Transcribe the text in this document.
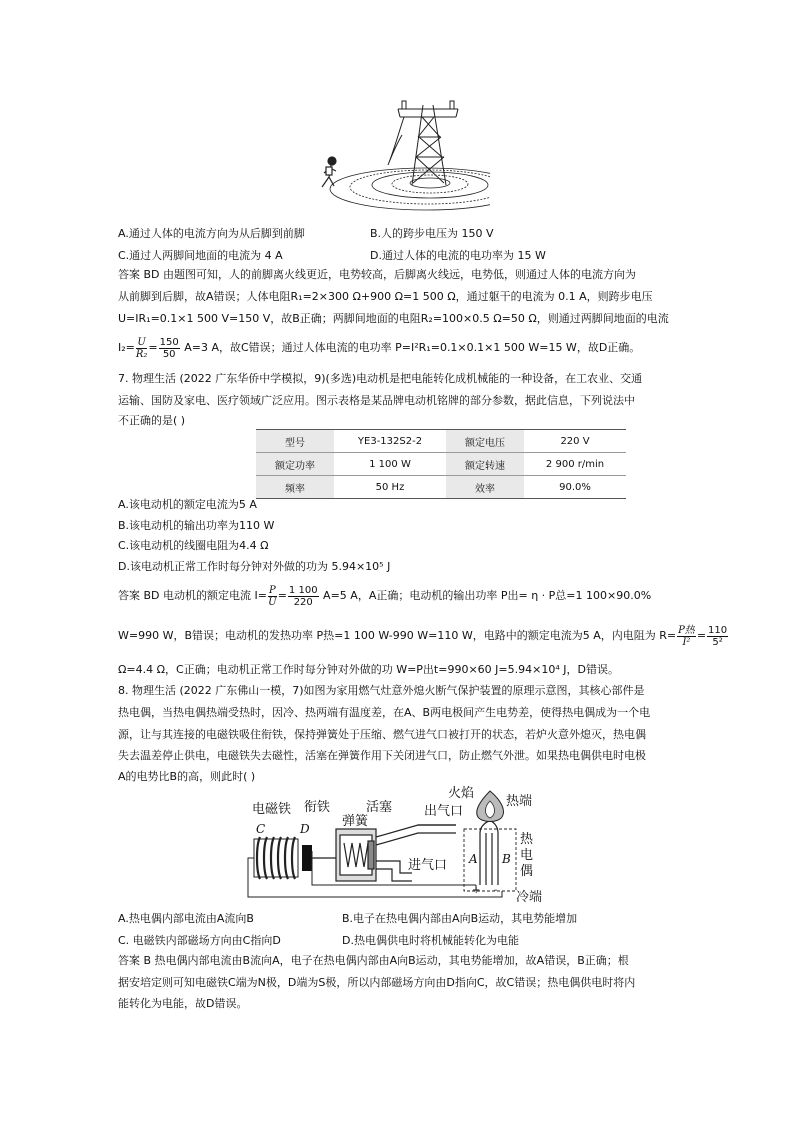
A.通过人体的电流方向为从后脚到前脚	B.人的跨步电压为 150 V
C.通过人两脚间地面的电流为 4 A	D.通过人体的电流的电功率为 15 W
答案 BD 由题图可知，人的前脚离火线更近，电势较高，后脚离火线远，电势低，则通过人体的电流方向为
从前脚到后脚，故A错误；人体电阻R₁=2×300 Ω+900 Ω=1 500 Ω，通过躯干的电流为 0.1 A，则跨步电压
U=IR₁=0.1×1 500 V=150 V，故B正确；两脚间地面的电阻R₂=100×0.5 Ω=50 Ω，则通过两脚间地面的电流
$I_2= \frac{U}{\text{R₂}} = \frac{150}{50} A=3$ A，故C错误；通过人体电流的电功率 P=I²R₁=0.1×0.1×1 500 W=15 W，故D正确。
7. 物理生活 (2022 广东华侨中学模拟，9)(多选)电动机是把电能转化成机械能的一种设备，在工农业、交通
运输、国防及家电、医疗领域广泛应用。图示表格是某品牌电动机铭牌的部分参数，据此信息，下列说法中
不正确的是( )
型号	YE3-132S2-2	额定电压	220 V
额定功率	1 100 W	额定转速	2 900 r/min
频率	50 Hz	效率	90.0%
A.该电动机的额定电流为5 A
B.该电动机的输出功率为110 W
C.该电动机的线圈电阻为4.4 Ω
D.该电动机正常工作时每分钟对外做的功为 5.94×10⁵ J
答案 BD 电动机的额定电流 $I= \frac{P}{U} = \frac{1 100}{220} A=5$ A，A正确；电动机的输出功率 P出= η · P总=1 100×90.0%
W=990 W，B错误；电动机的发热功率 P热=1 100 W-990 W=110 W，电路中的额定电流为5 A，内电阻为 $R= \frac{\text{P热}}{\text{I²}} = \frac{110}{\text{5²}}$
Ω=4.4 Ω，C正确；电动机正常工作时每分钟对外做的功 W=P出t=990×60 J=5.94×10⁴ J，D错误。
8. 物理生活 (2022 广东佛山一模，7)如图为家用燃气灶意外熄火断气保护装置的原理示意图，其核心部件是
热电偶，当热电偶热端受热时，因冷、热两端有温度差，在A、B两电极间产生电势差，使得热电偶成为一个电
源，让与其连接的电磁铁吸住衔铁，保持弹簧处于压缩、燃气进气口被打开的状态，若炉火意外熄灭，热电偶
失去温差停止供电，电磁铁失去磁性，活塞在弹簧作用下关闭进气口，防止燃气外泄。如果热电偶供电时电极
A的电势比B的高，则此时( )
电磁铁 衔铁
弹簧
活塞 出气口
火焰
热端
热
电
偶
进气口
冷端
C	D
A B
+ -
A.热电偶内部电流由A流向B	B.电子在热电偶内部由A向B运动，其电势能增加
C. 电磁铁内部磁场方向由C指向D	D.热电偶供电时将机械能转化为电能
答案 B 热电偶内部电流由B流向A，电子在热电偶内部由A向B运动，其电势能增加，故A错误，B正确；根
据安培定则可知电磁铁C端为N极，D端为S极，所以内部磁场方向由D指向C，故C错误；热电偶供电时将内
能转化为电能，故D错误。
